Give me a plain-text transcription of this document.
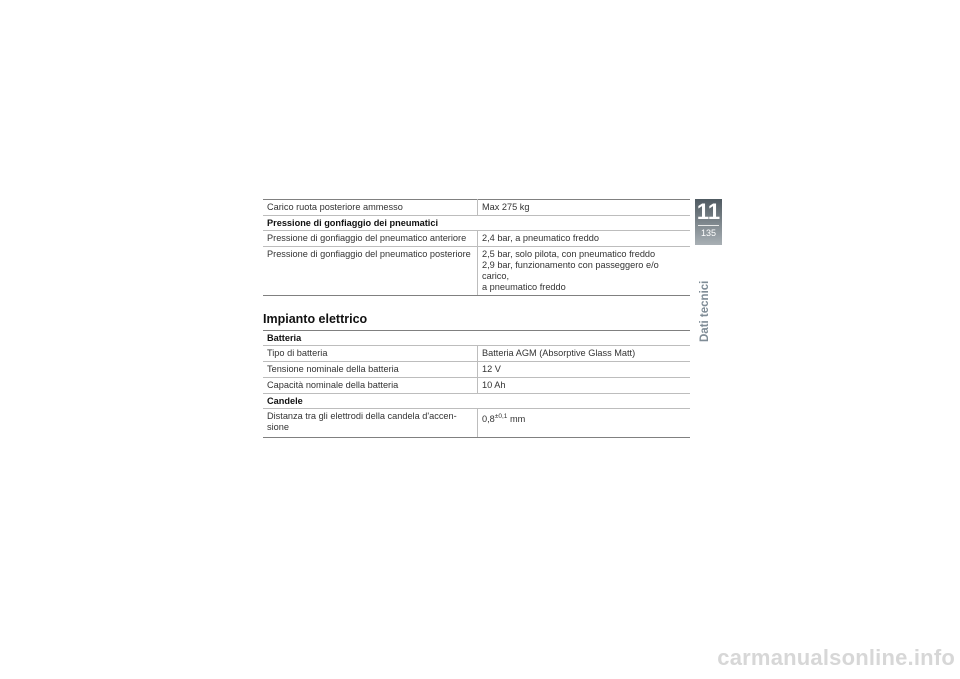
Carico ruota posteriore ammesso	Max 275 kg
Pressione di gonfiaggio dei pneumatici	
Pressione di gonfiaggio del pneumatico anteriore	2,4 bar, a pneumatico freddo
Pressione di gonfiaggio del pneumatico posteriore	2,5 bar, solo pilota, con pneumatico freddo
2,9 bar, funzionamento con passeggero e/o carico,
a pneumatico freddo
Impianto elettrico
Batteria	
Tipo di batteria	Batteria AGM (Absorptive Glass Matt)
Tensione nominale della batteria	12 V
Capacità nominale della batteria	10 Ah
Candele	

Distanza tra gli elettrodi della candela d'accen-
sione	$0,8^{\pm 0,1}$ mm
11
135
Dati tecnici
carmanualsonline.info
